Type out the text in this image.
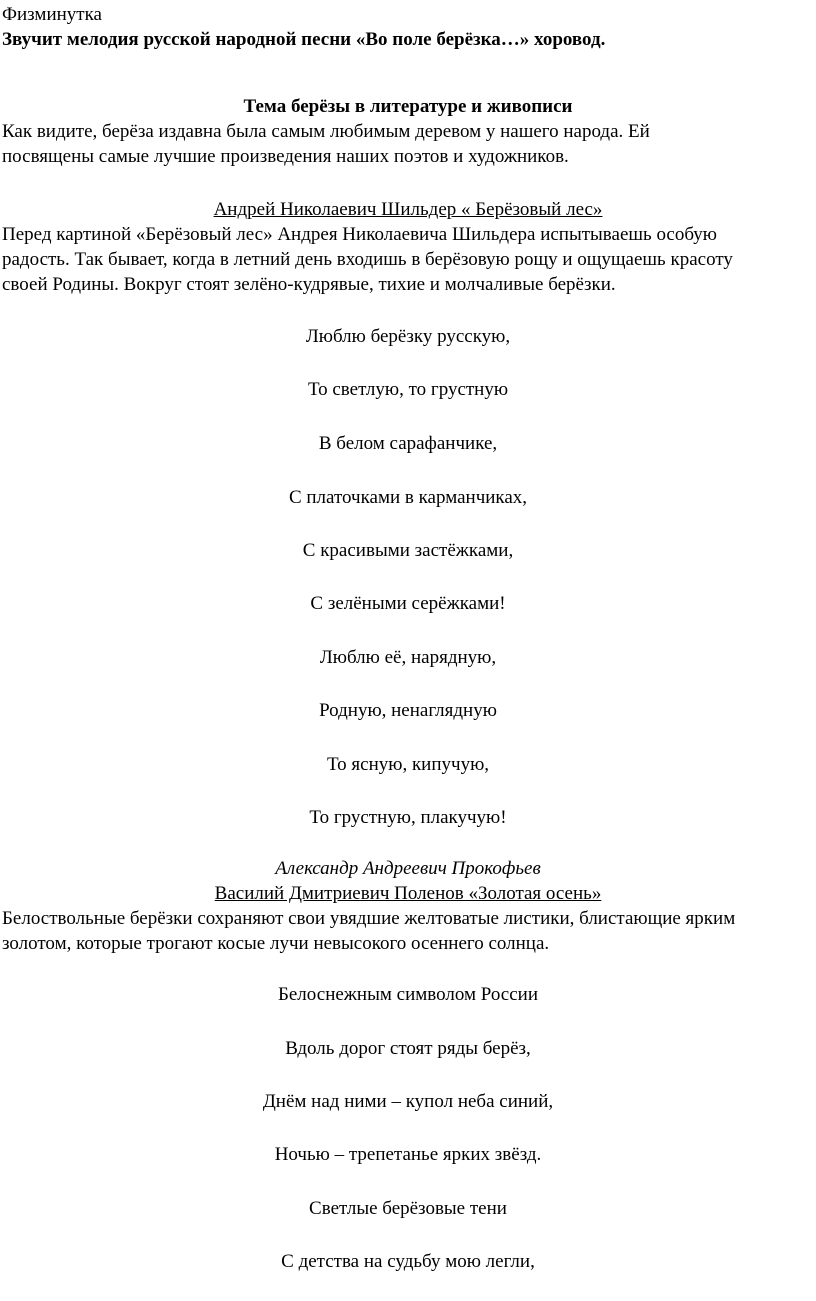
Физминутка
Звучит мелодия русской народной песни «Во поле берёзка…» хоровод.
Тема берёзы в литературе и живописи
Как видите, берёза издавна была самым любимым деревом у нашего народа. Ей
посвящены самые лучшие произведения наших поэтов и художников.
Андрей Николаевич Шильдер « Берёзовый лес»
Перед картиной «Берёзовый лес» Андрея Николаевича Шильдера испытываешь особую
радость. Так бывает, когда в летний день входишь в берёзовую рощу и ощущаешь красоту
своей Родины. Вокруг стоят зелёно-кудрявые, тихие и молчаливые берёзки.
Люблю берёзку русскую,
То светлую, то грустную
В белом сарафанчике,
С платочками в карманчиках,
С красивыми застёжками,
С зелёными серёжками!
Люблю её, нарядную,
Родную, ненаглядную
То ясную, кипучую,
То грустную, плакучую!
Александр Андреевич Прокофьев
Василий Дмитриевич Поленов «Золотая осень»
Белоствольные берёзки сохраняют свои увядшие желтоватые листики, блистающие ярким
золотом, которые трогают косые лучи невысокого осеннего солнца.
Белоснежным символом России
Вдоль дорог стоят ряды берёз,
Днём над ними – купол неба синий,
Ночью – трепетанье ярких звёзд.
Светлые берёзовые тени
С детства на судьбу мою легли,
